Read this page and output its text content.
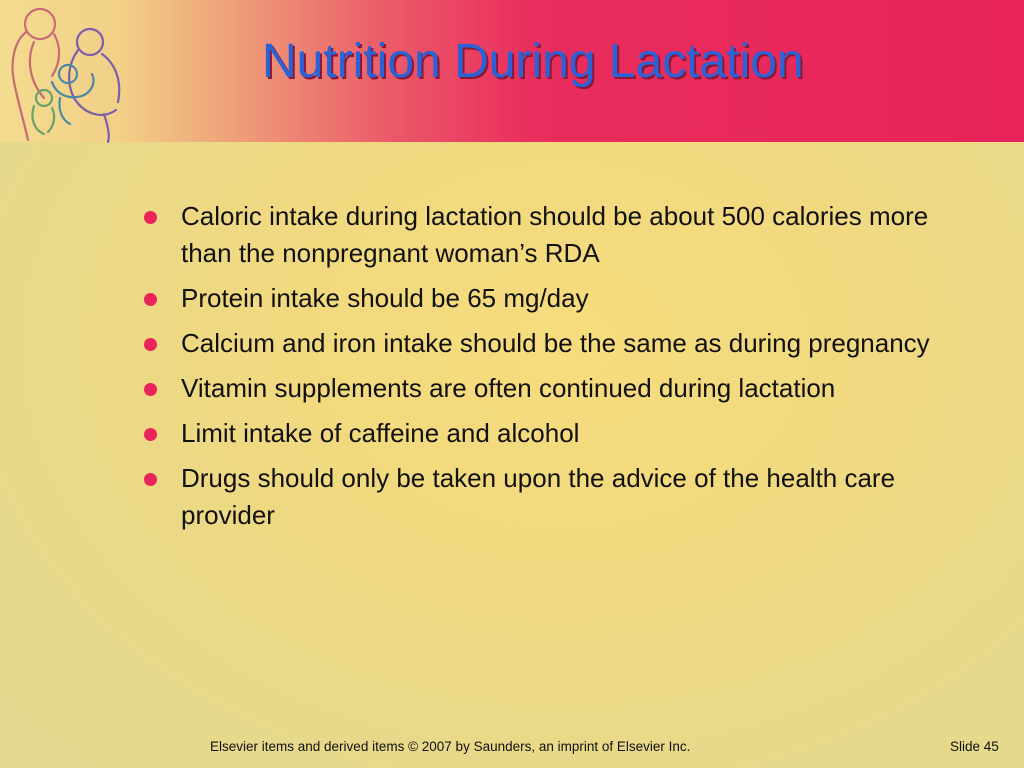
Nutrition During Lactation
Caloric intake during lactation should be about 500 calories more than the nonpregnant woman’s RDA
Protein intake should be 65 mg/day
Calcium and iron intake should be the same as during pregnancy
Vitamin supplements are often continued during lactation
Limit intake of caffeine and alcohol
Drugs should only be taken upon the advice of the health care provider
Elsevier items and derived items © 2007 by Saunders, an imprint of Elsevier Inc.	Slide 45
